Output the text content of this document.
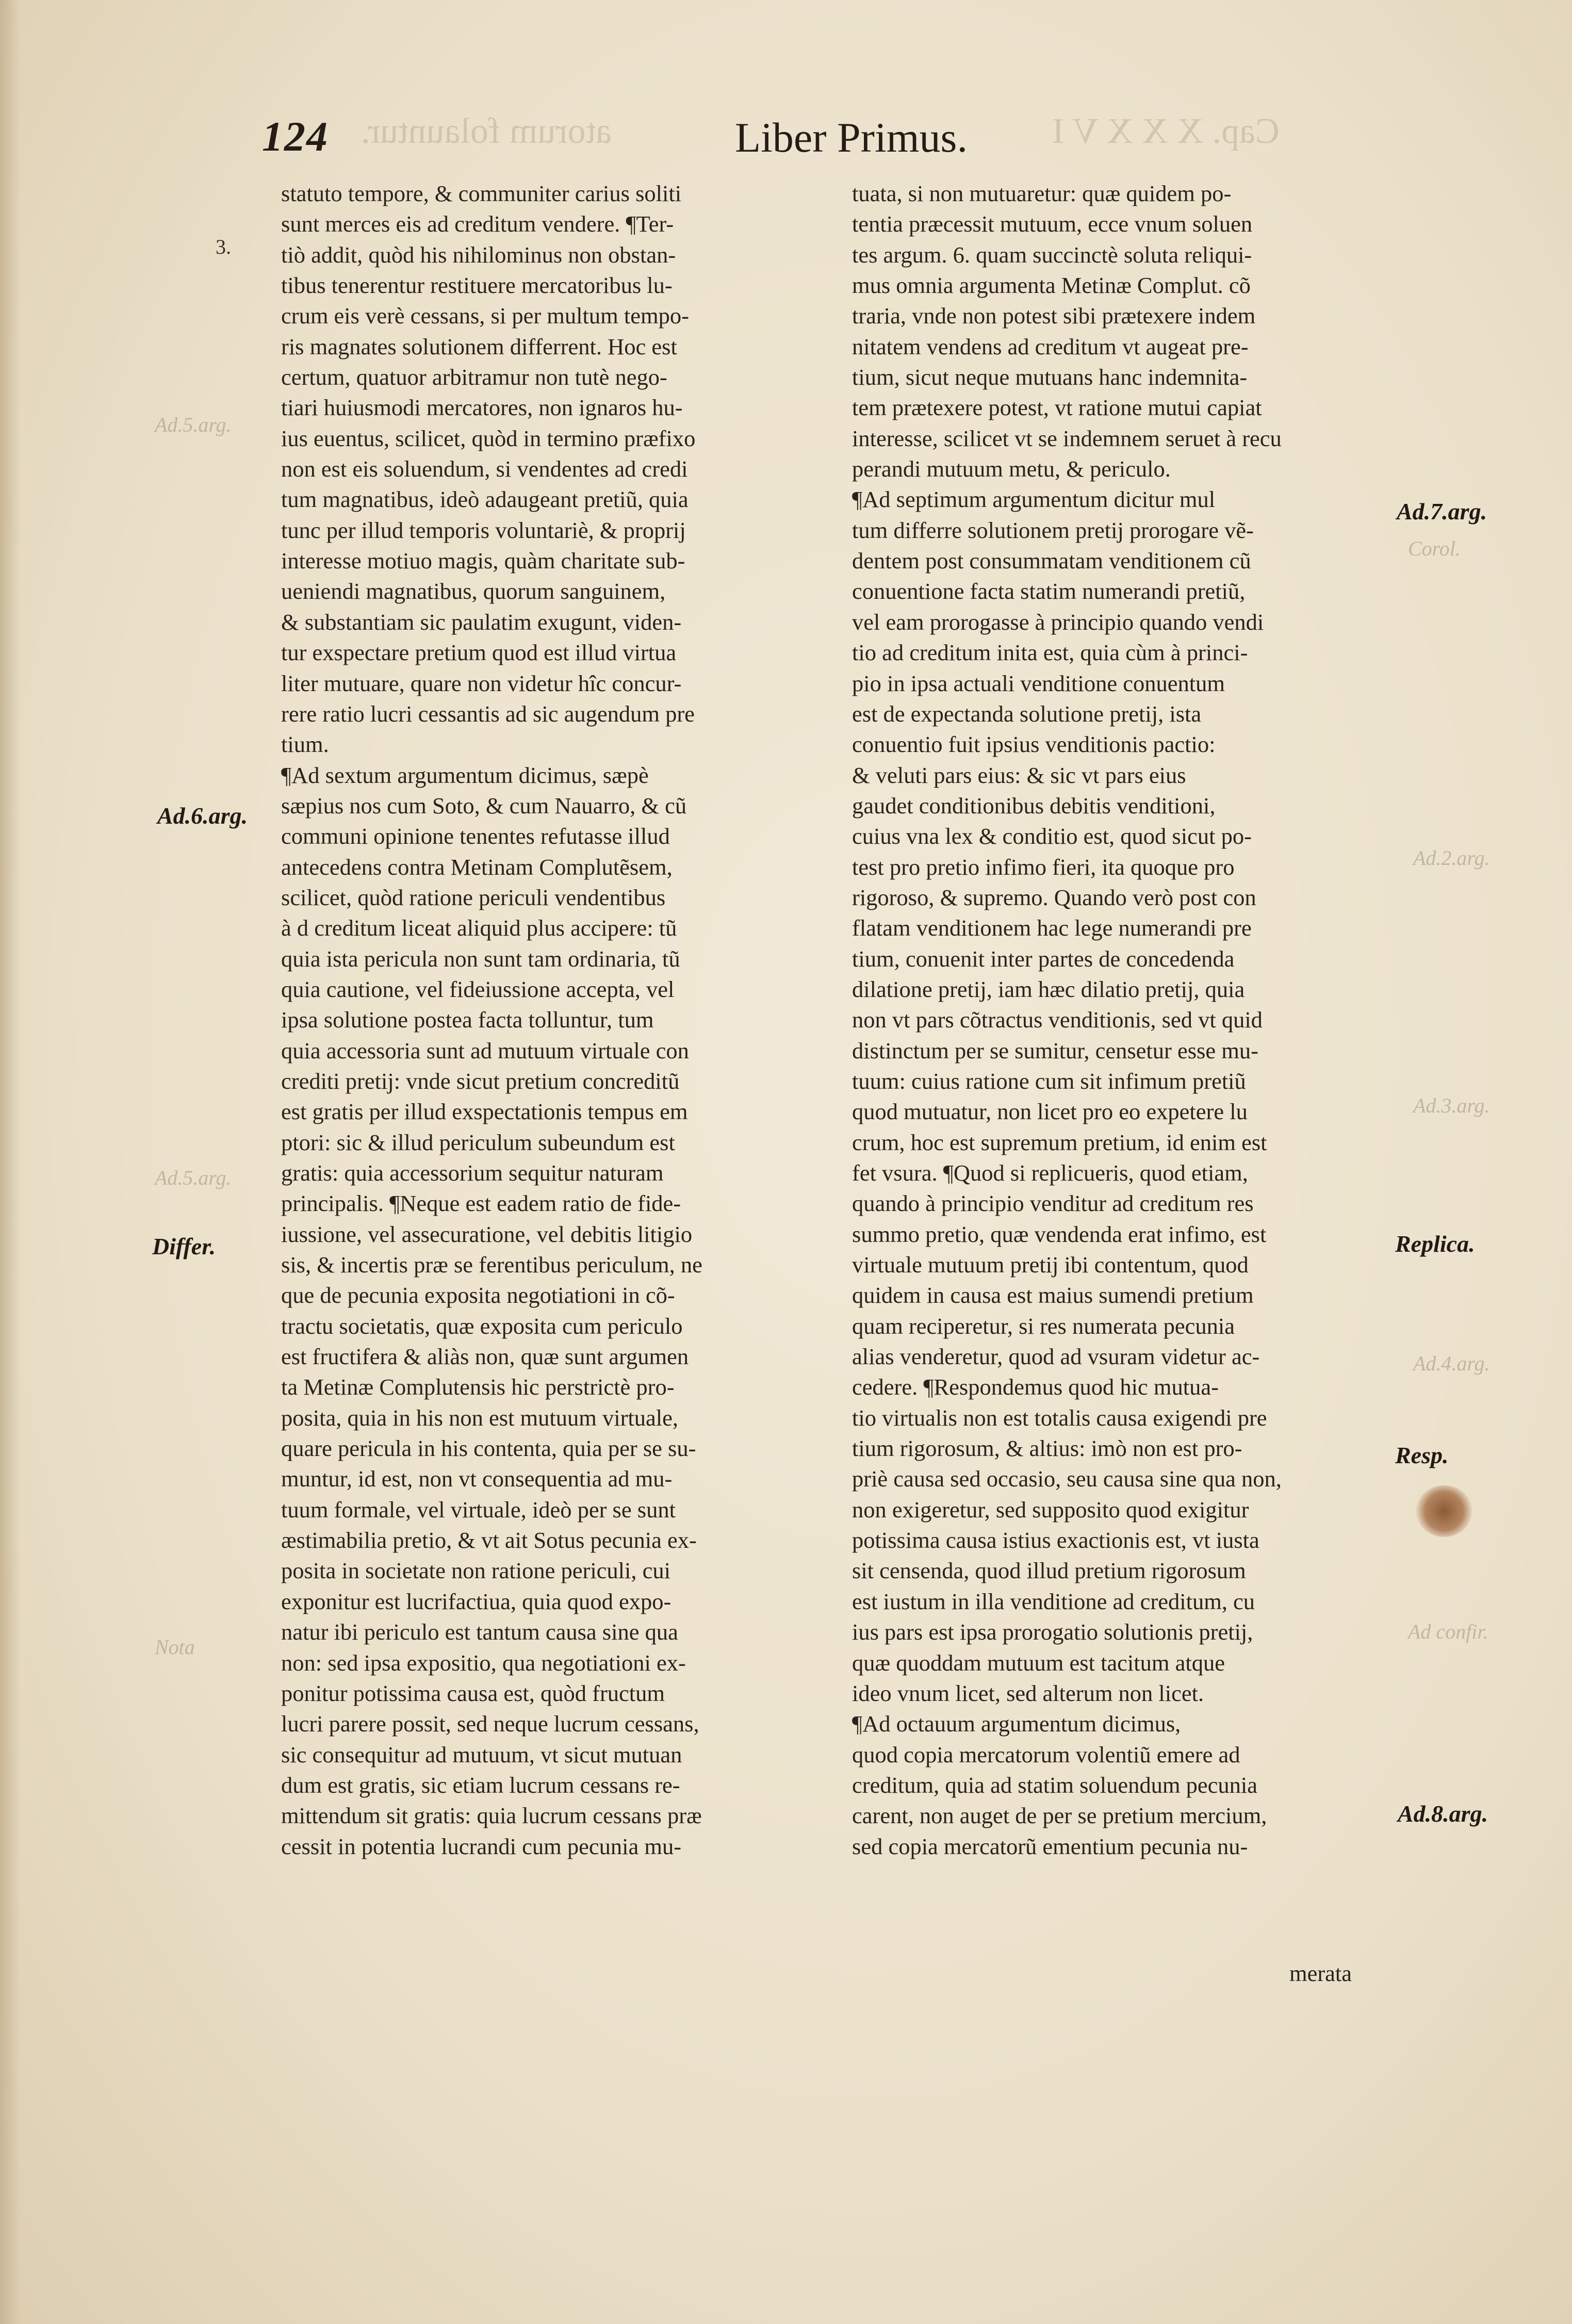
atorum folauntur.	Cap. X X X V I
124	Liber Primus.
statuto tempore, & communiter carius soliti
sunt merces eis ad creditum vendere. ¶Ter-
tiò addit, quòd his nihilominus non obstan-
tibus tenerentur restituere mercatoribus lu-
crum eis verè cessans, si per multum tempo-
ris magnates solutionem differrent. Hoc est
certum, quatuor arbitramur non tutè nego-
tiari huiusmodi mercatores, non ignaros hu-
ius euentus, scilicet, quòd in termino præfixo
non est eis soluendum, si vendentes ad credi
tum magnatibus, ideò adaugeant pretiũ, quia
tunc per illud temporis voluntariè, & proprij
interesse motiuo magis, quàm charitate sub-
ueniendi magnatibus, quorum sanguinem,
& substantiam sic paulatim exugunt, viden-
tur exspectare pretium quod est illud virtua
liter mutuare, quare non videtur hîc concur-
rere ratio lucri cessantis ad sic augendum pre
tium.
¶Ad sextum argumentum dicimus, sæpè
sæpius nos cum Soto, & cum Nauarro, & cũ
communi opinione tenentes refutasse illud
antecedens contra Metinam Complutẽsem,
scilicet, quòd ratione periculi vendentibus
à d creditum liceat aliquid plus accipere: tũ
quia ista pericula non sunt tam ordinaria, tũ
quia cautione, vel fideiussione accepta, vel
ipsa solutione postea facta tolluntur, tum
quia accessoria sunt ad mutuum virtuale con
crediti pretij: vnde sicut pretium concreditũ
est gratis per illud exspectationis tempus em
ptori: sic & illud periculum subeundum est
gratis: quia accessorium sequitur naturam
principalis. ¶Neque est eadem ratio de fide-
iussione, vel assecuratione, vel debitis litigio
sis, & incertis præ se ferentibus periculum, ne
que de pecunia exposita negotiationi in cõ-
tractu societatis, quæ exposita cum periculo
est fructifera & aliàs non, quæ sunt argumen
ta Metinæ Complutensis hic perstrictè pro-
posita, quia in his non est mutuum virtuale,
quare pericula in his contenta, quia per se su-
muntur, id est, non vt consequentia ad mu-
tuum formale, vel virtuale, ideò per se sunt
æstimabilia pretio, & vt ait Sotus pecunia ex-
posita in societate non ratione periculi, cui
exponitur est lucrifactiua, quia quod expo-
natur ibi periculo est tantum causa sine qua
non: sed ipsa expositio, qua negotiationi ex-
ponitur potissima causa est, quòd fructum
lucri parere possit, sed neque lucrum cessans,
sic consequitur ad mutuum, vt sicut mutuan
dum est gratis, sic etiam lucrum cessans re-
mittendum sit gratis: quia lucrum cessans præ
cessit in potentia lucrandi cum pecunia mu-
tuata, si non mutuaretur: quæ quidem po-
tentia præcessit mutuum, ecce vnum soluen
tes argum. 6. quam succinctè soluta reliqui-
mus omnia argumenta Metinæ Complut. cõ
traria, vnde non potest sibi prætexere indem
nitatem vendens ad creditum vt augeat pre-
tium, sicut neque mutuans hanc indemnita-
tem prætexere potest, vt ratione mutui capiat
interesse, scilicet vt se indemnem seruet à recu
perandi mutuum metu, & periculo.
¶Ad septimum argumentum dicitur mul
tum differre solutionem pretij prorogare vẽ-
dentem post consummatam venditionem cũ
conuentione facta statim numerandi pretiũ,
vel eam prorogasse à principio quando vendi
tio ad creditum inita est, quia cùm à princi-
pio in ipsa actuali venditione conuentum
est de expectanda solutione pretij, ista
conuentio fuit ipsius venditionis pactio:
& veluti pars eius: & sic vt pars eius
gaudet conditionibus debitis venditioni,
cuius vna lex & conditio est, quod sicut po-
test pro pretio infimo fieri, ita quoque pro
rigoroso, & supremo. Quando verò post con
flatam venditionem hac lege numerandi pre
tium, conuenit inter partes de concedenda
dilatione pretij, iam hæc dilatio pretij, quia
non vt pars cõtractus venditionis, sed vt quid
distinctum per se sumitur, censetur esse mu-
tuum: cuius ratione cum sit infimum pretiũ
quod mutuatur, non licet pro eo expetere lu
crum, hoc est supremum pretium, id enim est
fet vsura. ¶Quod si replicueris, quod etiam,
quando à principio venditur ad creditum res
summo pretio, quæ vendenda erat infimo, est
virtuale mutuum pretij ibi contentum, quod
quidem in causa est maius sumendi pretium
quam reciperetur, si res numerata pecunia
alias venderetur, quod ad vsuram videtur ac-
cedere. ¶Respondemus quod hic mutua-
tio virtualis non est totalis causa exigendi pre
tium rigorosum, & altius: imò non est pro-
priè causa sed occasio, seu causa sine qua non,
non exigeretur, sed supposito quod exigitur
potissima causa istius exactionis est, vt iusta
sit censenda, quod illud pretium rigorosum
est iustum in illa venditione ad creditum, cu
ius pars est ipsa prorogatio solutionis pretij,
quæ quoddam mutuum est tacitum atque
ideo vnum licet, sed alterum non licet.
¶Ad octauum argumentum dicimus,
quod copia mercatorum volentiũ emere ad
creditum, quia ad statim soluendum pecunia
carent, non auget de per se pretium mercium,
sed copia mercatorũ ementium pecunia nu-
merata
3.
Ad.6.arg.
Differ.
Ad.7.arg.
Replica.
Resp.
Ad.8.arg.
Ad.5.arg.
Ad.5.arg.
Nota
Corol.
Ad.2.arg.
Ad.3.arg.
Ad.4.arg.
Ad confir.
